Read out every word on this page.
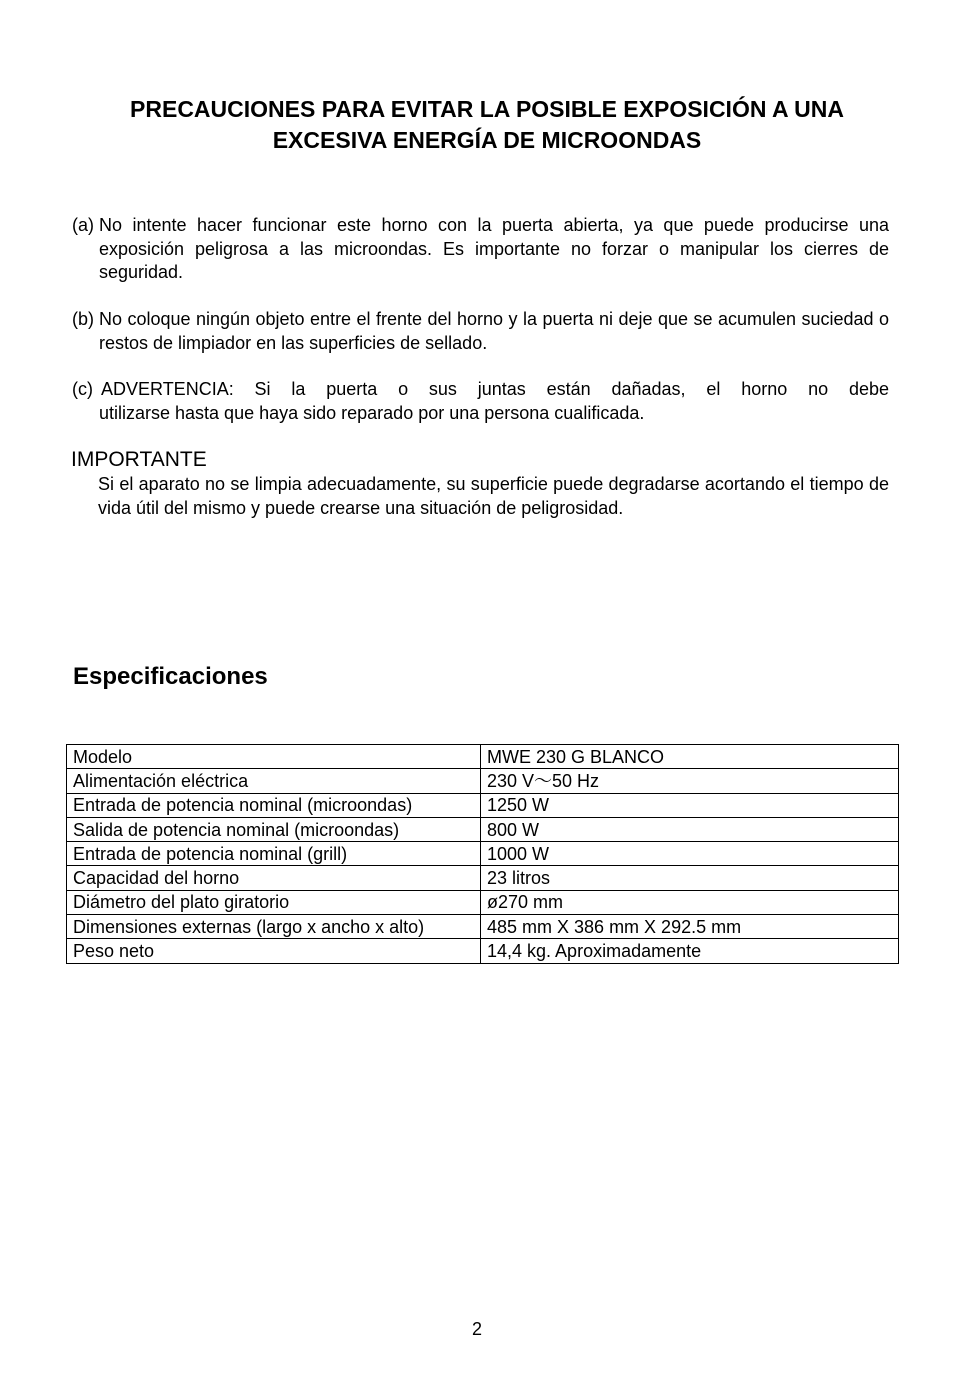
PRECAUCIONES PARA EVITAR LA POSIBLE EXPOSICIÓN A UNA
EXCESIVA ENERGÍA DE MICROONDAS
(a) No intente hacer funcionar este horno con la puerta abierta, ya que puede producirse una exposición peligrosa a las microondas. Es importante no forzar o manipular los cierres de seguridad.
(b) No coloque ningún objeto entre el frente del horno y la puerta ni deje que se acumulen suciedad o restos de limpiador en las superficies de sellado.
(c) ADVERTENCIA: Si la puerta o sus juntas están dañadas, el horno no debe
utilizarse hasta que haya sido reparado por una persona cualificada.
IMPORTANTE
Si el aparato no se limpia adecuadamente, su superficie puede degradarse acortando el tiempo de vida útil del mismo y puede crearse una situación de peligrosidad.
Especificaciones
Modelo	MWE 230 G BLANCO
Alimentación eléctrica	230 V～50 Hz
Entrada de potencia nominal (microondas)	1250 W
Salida de potencia nominal (microondas)	800 W
Entrada de potencia nominal (grill)	1000 W
Capacidad del horno	23 litros
Diámetro del plato giratorio	ø270 mm
Dimensiones externas (largo x ancho x alto)	485 mm X 386 mm X 292.5 mm
Peso neto	14,4 kg. Aproximadamente
2
